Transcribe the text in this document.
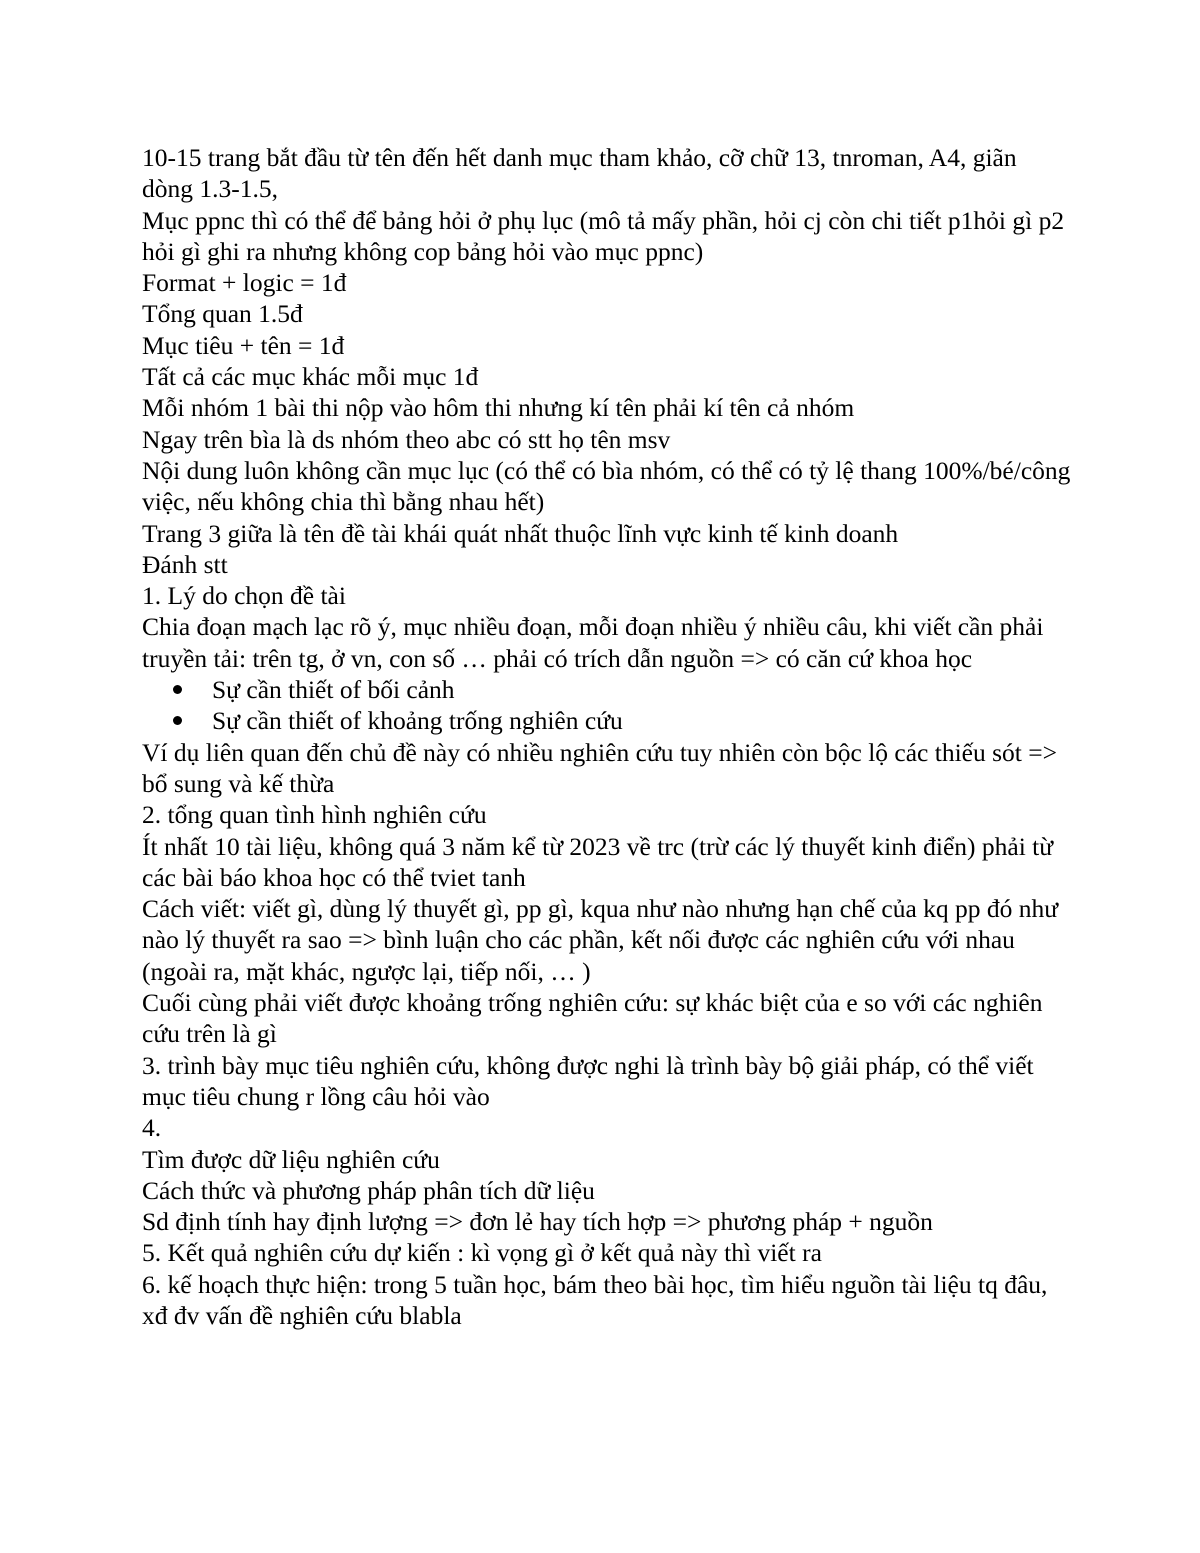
10-15 trang bắt đầu từ tên đến hết danh mục tham khảo, cỡ chữ 13, tnroman, A4, giãn dòng 1.3-1.5,

Mục ppnc thì có thể để bảng hỏi ở phụ lục (mô tả mấy phần, hỏi cj còn chi tiết p1hỏi gì p2 hỏi gì ghi ra nhưng không cop bảng hỏi vào mục ppnc)

Format + logic = 1đ

Tổng quan 1.5đ

Mục tiêu + tên = 1đ

Tất cả các mục khác mỗi mục 1đ

Mỗi nhóm 1 bài thi nộp vào hôm thi nhưng kí tên phải kí tên cả nhóm

Ngay trên bìa là ds nhóm theo abc có stt họ tên msv

Nội dung luôn không cần mục lục (có thể có bìa nhóm, có thể có tỷ lệ thang 100%/bé/công việc, nếu không chia thì bằng nhau hết)

Trang 3 giữa là tên đề tài khái quát nhất thuộc lĩnh vực kinh tế kinh doanh

Đánh stt

1. Lý do chọn đề tài

Chia đoạn mạch lạc rõ ý, mục nhiều đoạn, mỗi đoạn nhiều ý nhiều câu, khi viết cần phải truyền tải: trên tg, ở vn, con số … phải có trích dẫn nguồn => có căn cứ khoa học

Sự cần thiết of bối cảnh
Sự cần thiết of khoảng trống nghiên cứu

Ví dụ liên quan đến chủ đề này có nhiều nghiên cứu tuy nhiên còn bộc lộ các thiếu sót => bổ sung và kế thừa

2. tổng quan tình hình nghiên cứu

Ít nhất 10 tài liệu, không quá 3 năm kể từ 2023 về trc (trừ các lý thuyết kinh điển) phải từ các bài báo khoa học có thể tviet tanh

Cách viết: viết gì, dùng lý thuyết gì, pp gì, kqua như nào nhưng hạn chế của kq pp đó như nào lý thuyết ra sao => bình luận cho các phần, kết nối được các nghiên cứu với nhau (ngoài ra, mặt khác, ngược lại, tiếp nối, … )

Cuối cùng phải viết được khoảng trống nghiên cứu: sự khác biệt của e so với các nghiên cứu trên là gì

3. trình bày mục tiêu nghiên cứu, không được nghi là trình bày bộ giải pháp, có thể viết mục tiêu chung r lồng câu hỏi vào

4.

Tìm được dữ liệu nghiên cứu

Cách thức và phương pháp phân tích dữ liệu

Sd định tính hay định lượng => đơn lẻ hay tích hợp => phương pháp + nguồn

5. Kết quả nghiên cứu dự kiến : kì vọng gì ở kết quả này thì viết ra

6. kế hoạch thực hiện: trong 5 tuần học, bám theo bài học, tìm hiểu nguồn tài liệu tq đâu, xđ đv vấn đề nghiên cứu blabla
